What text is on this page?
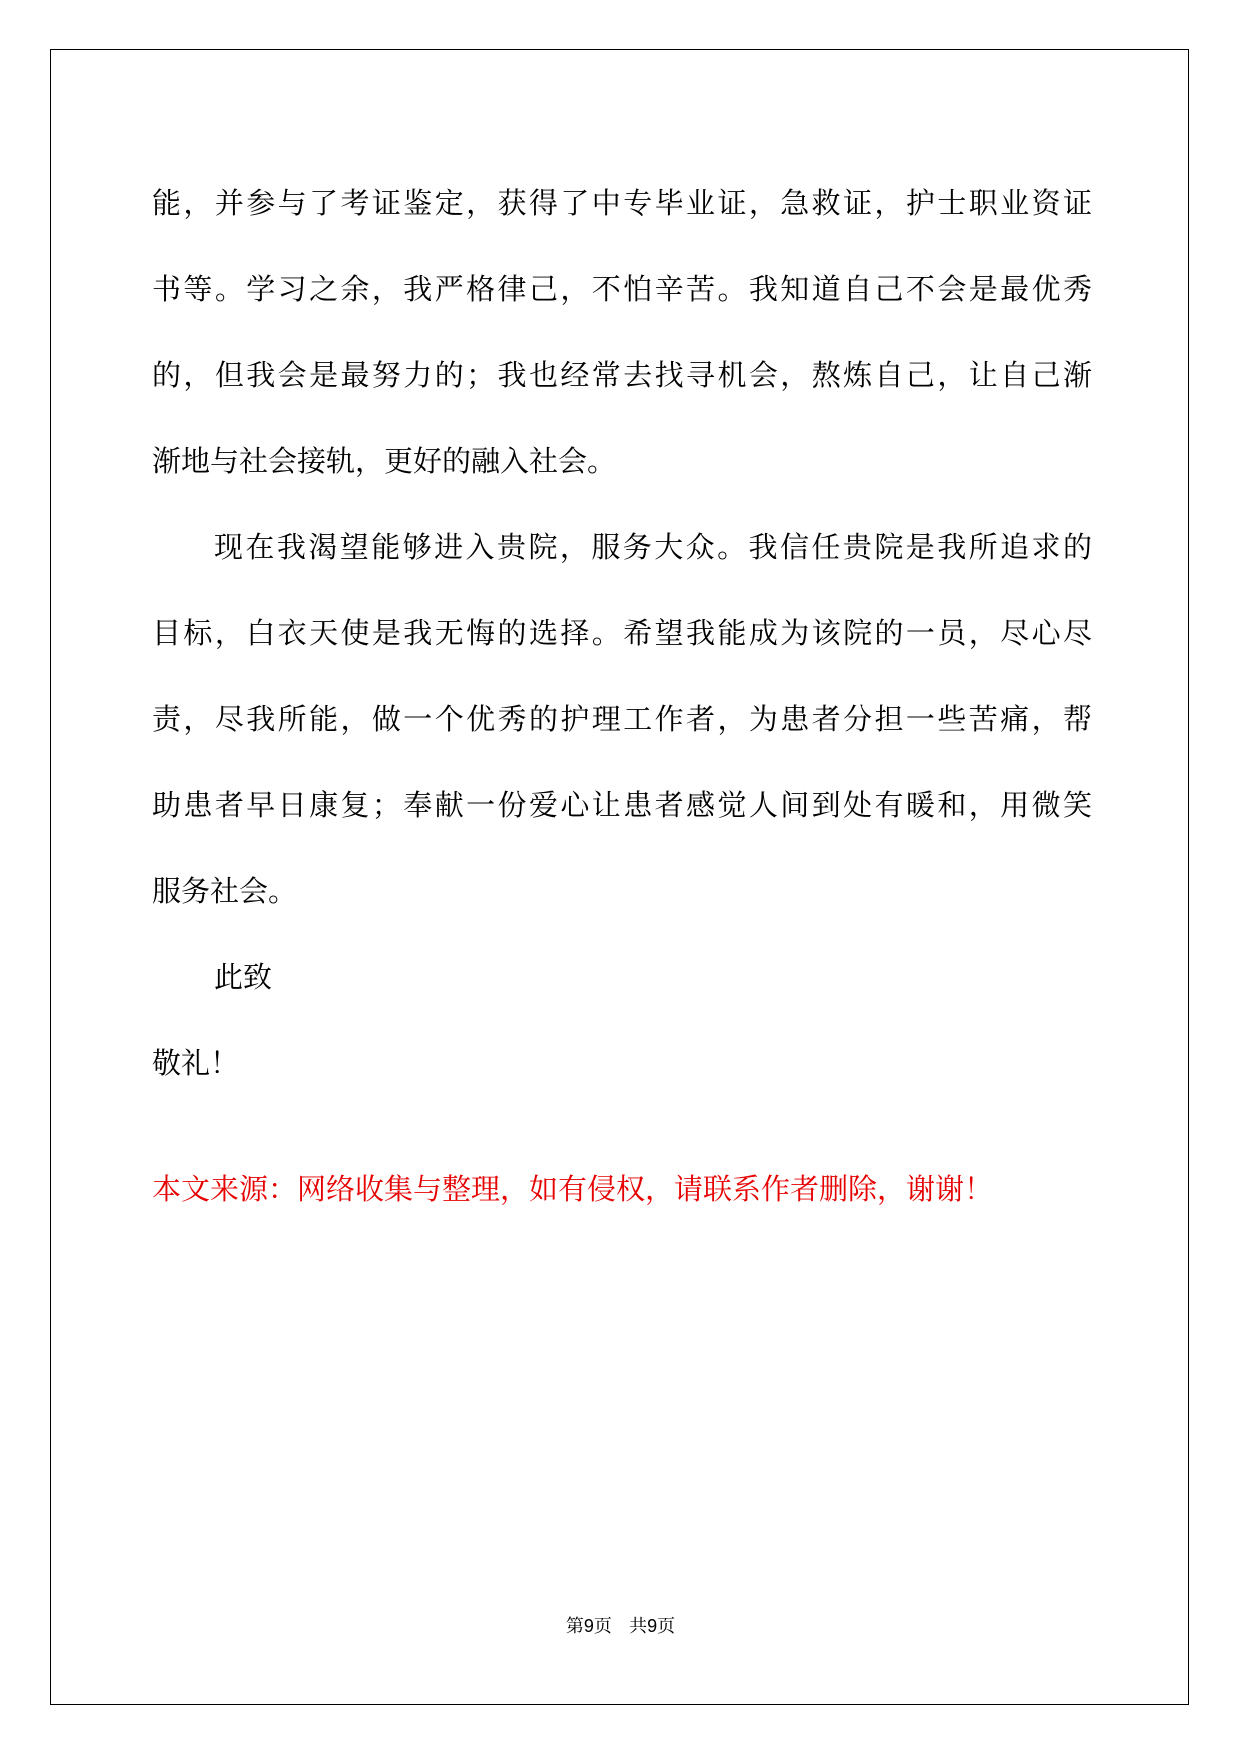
能，并参与了考证鉴定，获得了中专毕业证，急救证，护士职业资证
书等。学习之余，我严格律己，不怕辛苦。我知道自己不会是最优秀
的，但我会是最努力的；我也经常去找寻机会，熬炼自己，让自己渐
渐地与社会接轨，更好的融入社会。
现在我渴望能够进入贵院，服务大众。我信任贵院是我所追求的
目标，白衣天使是我无悔的选择。希望我能成为该院的一员，尽心尽
责，尽我所能，做一个优秀的护理工作者，为患者分担一些苦痛，帮
助患者早日康复；奉献一份爱心让患者感觉人间到处有暖和，用微笑
服务社会。
此致
敬礼！
本文来源：网络收集与整理，如有侵权，请联系作者删除，谢谢！
第9页 共9页
